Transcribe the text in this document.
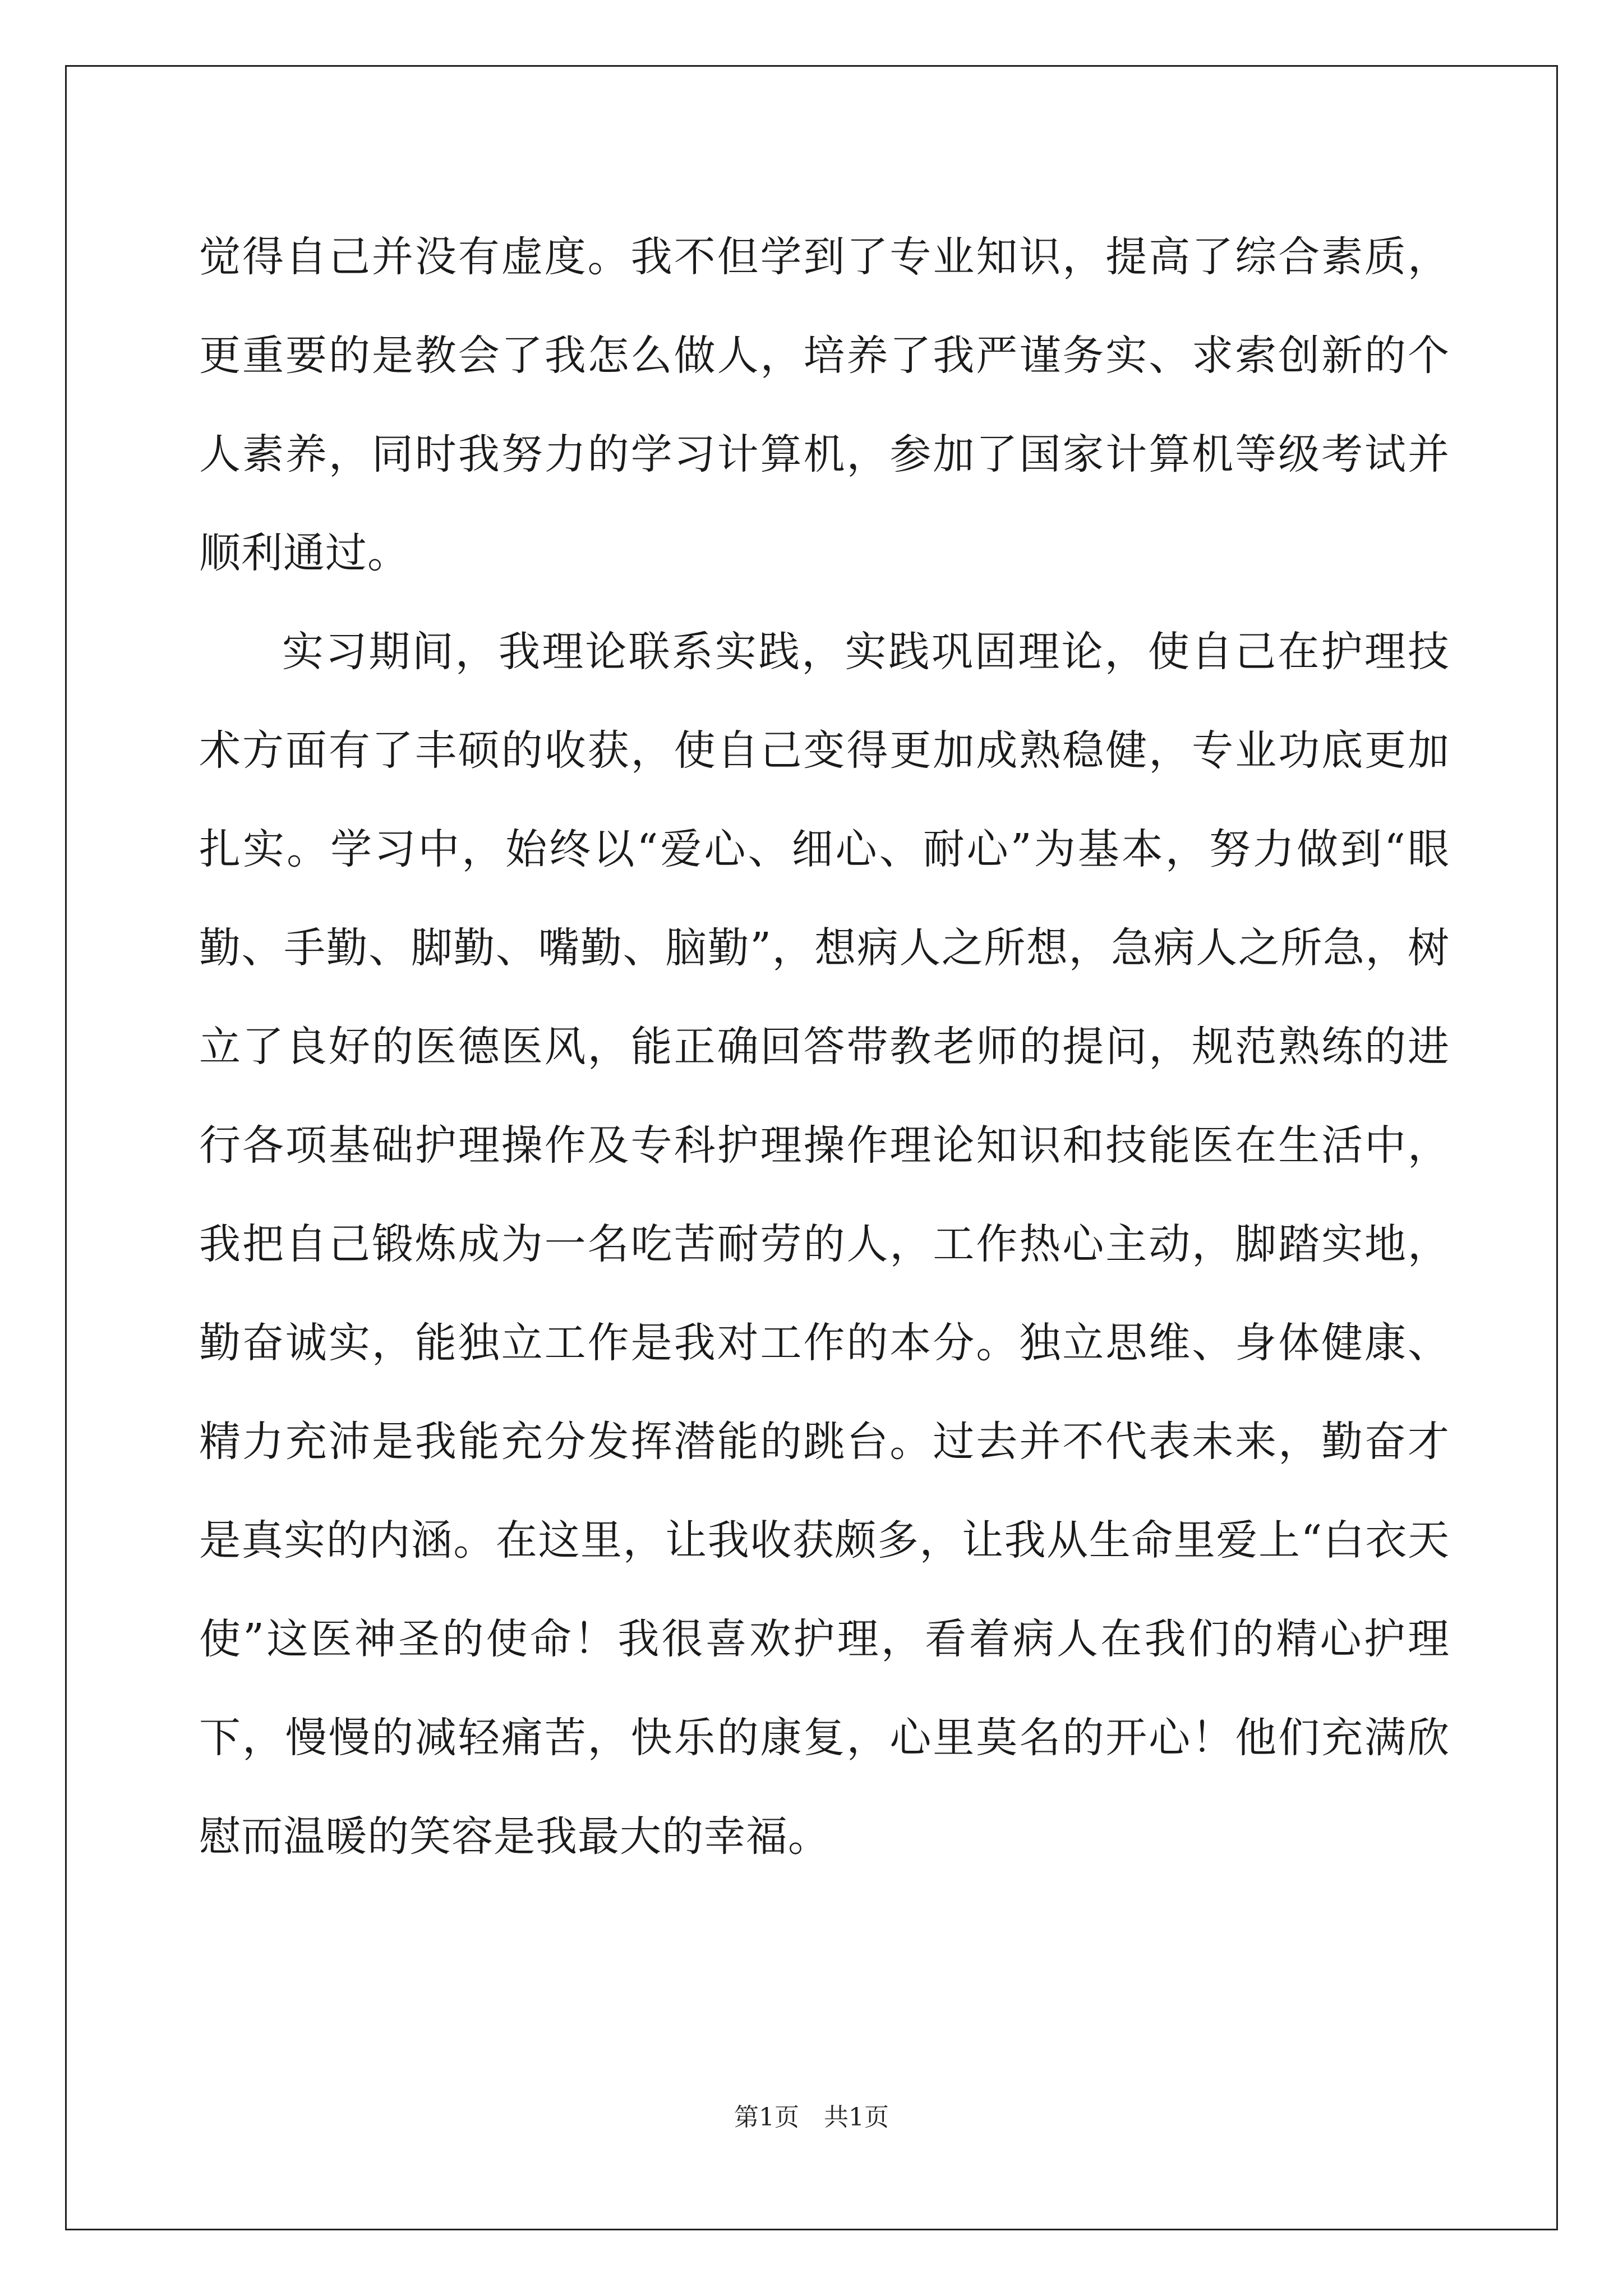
觉得自己并没有虚度。我不但学到了专业知识，提高了综合素质，更重要的是教会了我怎么做人，培养了我严谨务实、求索创新的个人素养，同时我努力的学习计算机，参加了国家计算机等级考试并顺利通过。

实习期间，我理论联系实践，实践巩固理论，使自己在护理技术方面有了丰硕的收获，使自己变得更加成熟稳健，专业功底更加扎实。学习中，始终以“爱心、细心、耐心”为基本，努力做到“眼勤、手勤、脚勤、嘴勤、脑勤”，想病人之所想，急病人之所急，树立了良好的医德医风，能正确回答带教老师的提问，规范熟练的进行各项基础护理操作及专科护理操作理论知识和技能医在生活中，我把自己锻炼成为一名吃苦耐劳的人，工作热心主动，脚踏实地，勤奋诚实，能独立工作是我对工作的本分。独立思维、身体健康、精力充沛是我能充分发挥潜能的跳台。过去并不代表未来，勤奋才是真实的内涵。在这里，让我收获颇多，让我从生命里爱上“白衣天使”这医神圣的使命！我很喜欢护理，看着病人在我们的精心护理下，慢慢的减轻痛苦，快乐的康复，心里莫名的开心！他们充满欣慰而温暖的笑容是我最大的幸福。

第1页 共1页
